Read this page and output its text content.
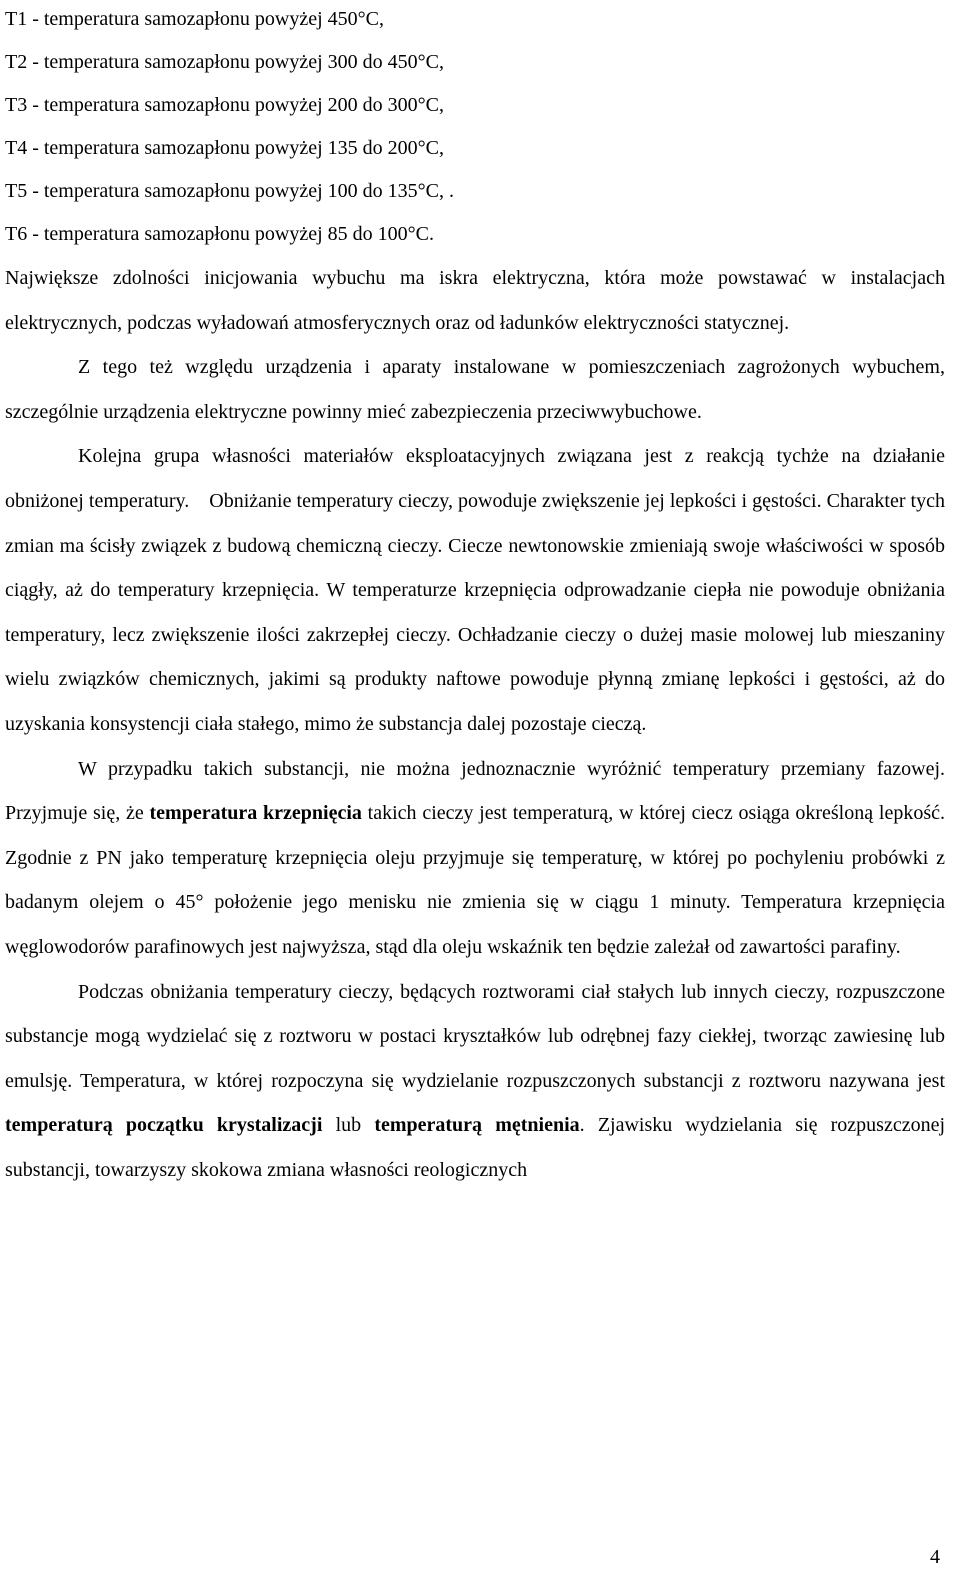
T1 - temperatura samozapłonu powyżej 450°C,
T2 - temperatura samozapłonu powyżej 300 do 450°C,
T3 - temperatura samozapłonu powyżej 200 do 300°C,
T4 - temperatura samozapłonu powyżej 135 do 200°C,
T5 - temperatura samozapłonu powyżej 100 do 135°C, .
T6 - temperatura samozapłonu powyżej 85 do 100°C.

Największe zdolności inicjowania wybuchu ma iskra elektryczna, która może powstawać w instalacjach elektrycznych, podczas wyładowań atmosferycznych oraz od ładunków elektryczności statycznej.

Z tego też względu urządzenia i aparaty instalowane w pomieszczeniach zagrożonych wybuchem, szczególnie urządzenia elektryczne powinny mieć zabezpieczenia przeciwwybuchowe.

Kolejna grupa własności materiałów eksploatacyjnych związana jest z reakcją tychże na działanie obniżonej temperatury. Obniżanie temperatury cieczy, powoduje zwiększenie jej lepkości i gęstości. Charakter tych zmian ma ścisły związek z budową chemiczną cieczy. Ciecze newtonowskie zmieniają swoje właściwości w sposób ciągły, aż do temperatury krzepnięcia. W temperaturze krzepnięcia odprowadzanie ciepła nie powoduje obniżania temperatury, lecz zwiększenie ilości zakrzepłej cieczy. Ochładzanie cieczy o dużej masie molowej lub mieszaniny wielu związków chemicznych, jakimi są produkty naftowe powoduje płynną zmianę lepkości i gęstości, aż do uzyskania konsystencji ciała stałego, mimo że substancja dalej pozostaje cieczą.

W przypadku takich substancji, nie można jednoznacznie wyróżnić temperatury przemiany fazowej. Przyjmuje się, że temperatura krzepnięcia takich cieczy jest temperaturą, w której ciecz osiąga określoną lepkość. Zgodnie z PN jako temperaturę krzepnięcia oleju przyjmuje się temperaturę, w której po pochyleniu probówki z badanym olejem o 45° położenie jego menisku nie zmienia się w ciągu 1 minuty. Temperatura krzepnięcia węglowodorów parafinowych jest najwyższa, stąd dla oleju wskaźnik ten będzie zależał od zawartości parafiny.

Podczas obniżania temperatury cieczy, będących roztworami ciał stałych lub innych cieczy, rozpuszczone substancje mogą wydzielać się z roztworu w postaci kryształków lub odrębnej fazy ciekłej, tworząc zawiesinę lub emulsję. Temperatura, w której rozpoczyna się wydzielanie rozpuszczonych substancji z roztworu nazywana jest temperaturą początku krystalizacji lub temperaturą mętnienia. Zjawisku wydzielania się rozpuszczonej substancji, towarzyszy skokowa zmiana własności reologicznych

4
